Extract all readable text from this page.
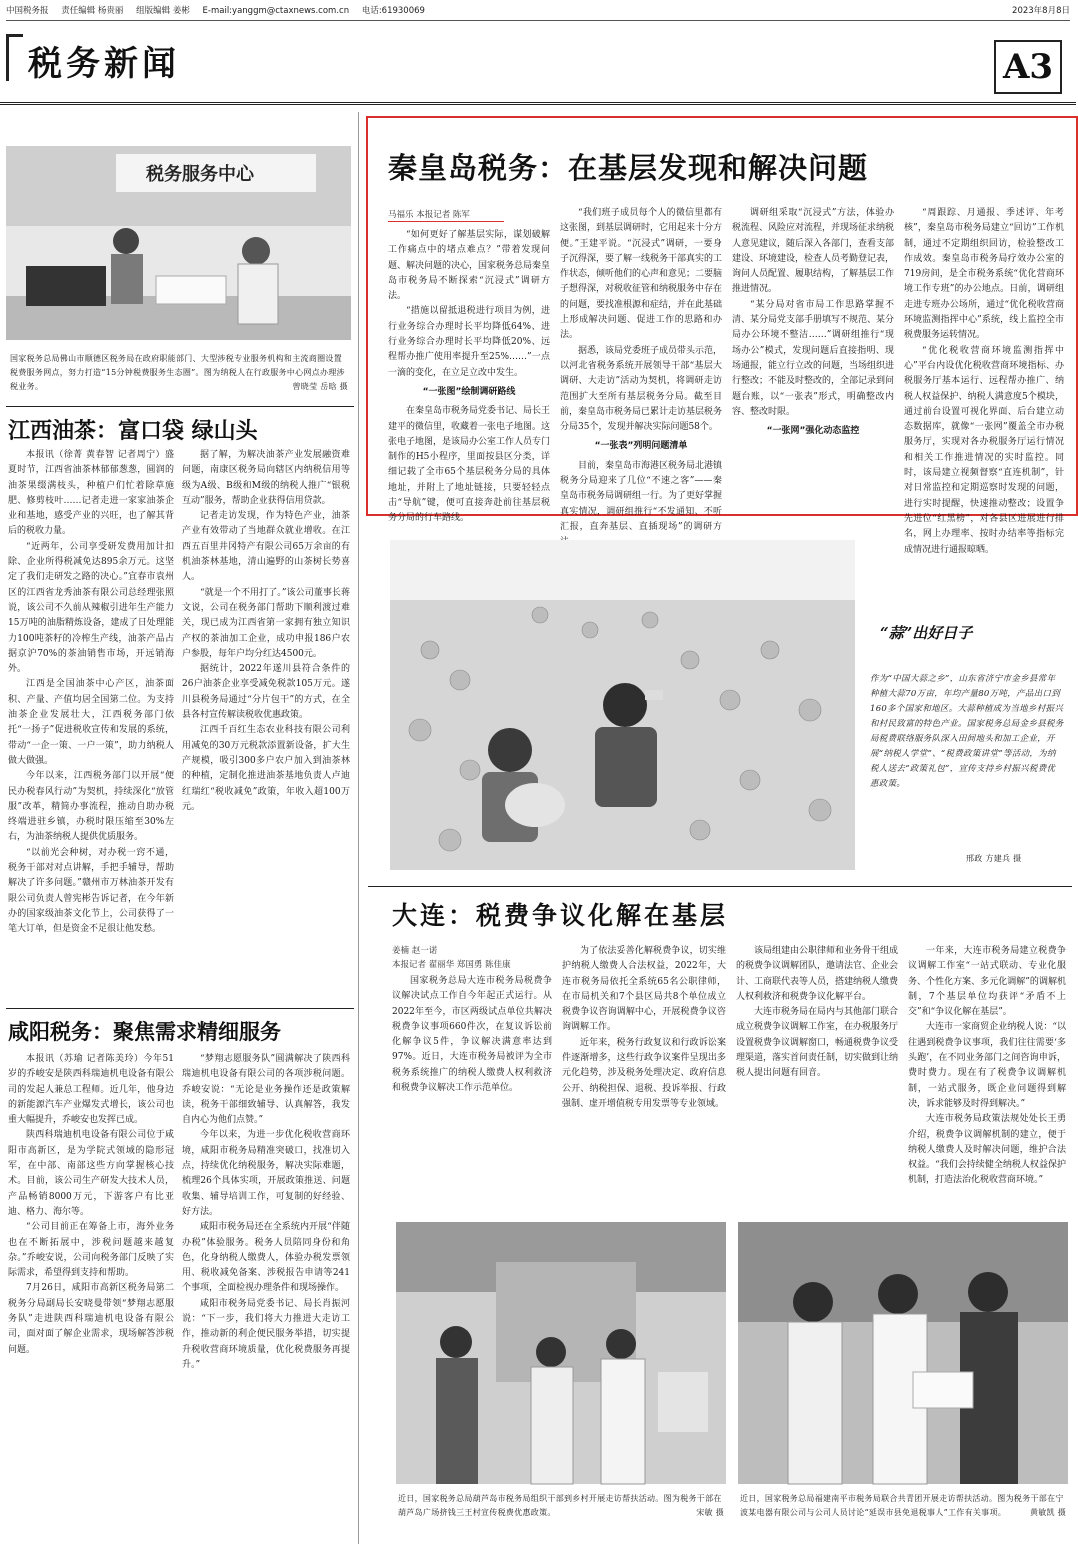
中国税务报 责任编辑 杨贵丽 组版编辑 姜彬 E-mail:yanggm@ctaxnews.com.cn 电话:61930069	2023年8月8日
税务新闻	A3
税务服务中心
国家税务总局佛山市顺德区税务局在政府职能部门、大型涉税专业服务机构和主流商圈设置税费服务网点，努力打造“15分钟税费服务生态圈”。图为纳税人在行政服务中心网点办理涉税业务。	曾晓莹 岳晗 摄
江西油茶：富口袋 绿山头

本报讯（徐菁 黄春智 记者周宁）盛夏时节，江西省油茶林郁郁葱葱，圆润的油茶果缀满枝头，种植户们忙着除草施肥、修剪枝叶……记者走进一家家油茶企业和基地，感受产业的兴旺，也了解其背后的税收力量。

“近两年，公司享受研发费用加计扣除、企业所得税减免达895余万元。这坚定了我们走研发之路的决心。”宜春市袁州区的江西省龙秀油茶有限公司总经理张照说，该公司不久前从辣椒引进年生产能力15万吨的油脂精炼设备，建成了日处理能力100吨茶籽的冷榨生产线，油茶产品占据京沪70%的茶油销售市场，开远销海外。

江西是全国油茶中心产区，油茶面积、产量、产值均居全国第二位。为支持油茶企业发展壮大，江西税务部门依托“一扬子”促进税收宣传和发展的系统，带动“一企一策、一户一策”，助力纳税人做大做强。

今年以来，江西税务部门以开展“便民办税春风行动”为契机，持续深化“放管服”改革，精简办事流程，推动自助办税终端进驻乡镇，办税时限压缩至30%左右，为油茶纳税人提供优质服务。

“以前光会种树，对办税一窍不通，税务干部对对点讲解，手把手辅导，帮助解决了许多问题。”赣州市万林油茶开发有限公司负责人曾宪彬告诉记者，在今年新办的国家级油茶文化节上，公司获得了一笔大订单，但是资金不足很让他发愁。

据了解，为解决油茶产业发展融资难问题，南康区税务局向辖区内纳税信用等级为A级、B级和M级的纳税人推广“银税互动”服务，帮助企业获得信用贷款。

记者走访发现，作为特色产业，油茶产业有效带动了当地群众就业增收。在江西五百里井冈特产有限公司65万余亩的有机油茶林基地，清山遍野的山茶树长势喜人。

“就是一个不用打了。”该公司董事长蒋文说，公司在税务部门帮助下顺利渡过难关，现已成为江西省第一家拥有独立知识产权的茶油加工企业，成功申报186户农户参股，每年户均分红达4500元。

据统计，2022年遂川县符合条件的26户油茶企业享受减免税款105万元。遂川县税务局通过“分片包干”的方式，在全县各村宣传解读税收优惠政策。

江西千百红生态农业科技有限公司利用减免的30万元税款添置新设备，扩大生产规模，吸引300多户农户加入到油茶林的种植，定制化推进油茶基地负责人卢迪红瑞红“税收减免”政策，年收入超100万元。

咸阳税务：聚焦需求精细服务

本报讯（苏瑜 记者陈美玲）今年51岁的乔峻安是陕西科瑞迪机电设备有限公司的发起人兼总工程师。近几年，他身边的新能源汽车产业爆发式增长，该公司也重大幅提升，乔峻安也发挥已成。

陕西科瑞迪机电设备有限公司位于咸阳市高新区，是为学院式领域的隐形冠军，在中部、南部这些方向掌握核心技术。目前，该公司生产研发大技术人员，产品畅销8000万元，下游客户有比亚迪、格力、海尔等。

“公司目前正在筹备上市，海外业务也在不断拓展中，涉税问题越来越复杂。”乔峻安说，公司向税务部门反映了实际需求，希望得到支持和帮助。

7月26日，咸阳市高新区税务局第二税务分局副局长安晓曼带领“梦翔志愿服务队”走进陕西科瑞迪机电设备有限公司，面对面了解企业需求，现场解答涉税问题。

“梦翔志愿服务队”圆满解决了陕西科瑞迪机电设备有限公司的各项涉税问题。乔峻安说：“无论是业务操作还是政策解读，税务干部细致辅导、认真解答，我发自内心为他们点赞。”

今年以来，为进一步优化税收营商环境，咸阳市税务局精准突破口，找准切入点，持续优化纳税服务，解决实际难题，梳理26个具体实项，开展政策推送、问题收集、辅导培训工作，可复制的好经验、好方法。

咸阳市税务局还在全系统内开展“伴随办税”体验服务。税务人员陪同身份和角色，化身纳税人缴费人，体验办税发票领用、税收减免备案、涉税报告申请等241个事项，全面检视办理条件和现场操作。

咸阳市税务局党委书记、局长肖振河说：“下一步，我们将大力推进大走访工作，推动新的利企便民服务举措，切实提升税收营商环境质量，优化税费服务再提升。”

秦皇岛税务：在基层发现和解决问题
马福乐 本报记者 陈军

“如何更好了解基层实际，谋划破解工作痛点中的堵点难点？”带着发现问题、解决问题的决心，国家税务总局秦皇岛市税务局不断探索“沉浸式”调研方法。

“措施以留抵退税进行项目为例，进行业务综合办理时长平均降低64%、进行业务综合办理时长平均降低20%、远程帮办推广使用率提升至25%……”一点一滴的变化，在立足立改中发生。

“一张图”绘制调研路线

在秦皇岛市税务局党委书记、局长王建平的微信里，收藏着一张电子地图。这张电子地图，是该局办公室工作人员专门制作的H5小程序，里面按县区分类，详细记载了全市65个基层税务分局的具体地址，并附上了地址链接，只要轻轻点击“导航”键，便可直接奔赴前往基层税务分局的行车路线。

“我们班子成员每个人的微信里都有这张图，到基层调研时，它用起来十分方便。”王建平说。“沉浸式”调研，一要身子沉得深，要了解一线税务干部真实的工作状态，倾听他们的心声和意见；二要脑子想得深，对税收征管和纳税服务中存在的问题，要找准根源和症结，并在此基础上形成解决问题、促进工作的思路和办法。

据悉，该局党委班子成员带头示范，以河北省税务系统开展领导干部“基层大调研、大走访”活动为契机，将调研走访范围扩大至所有基层税务分局。截至目前，秦皇岛市税务局已累计走访基层税务分局35个，发现并解决实际问题58个。

“一张表”列明问题清单

目前，秦皇岛市海港区税务局北港镇税务分局迎来了几位“不速之客”——秦皇岛市税务局调研组一行。为了更好掌握真实情况，调研组推行“不发通知、不听汇报，直奔基层、直插现场”的调研方

调研组采取“沉浸式”方法，体验办税流程、风险应对流程，并现场征求纳税人意见建议，随后深入各部门，查看支部建设、环境建设，检查人员考勤登记表，询问人员配置、履职结构，了解基层工作推进情况。

“某分局对省市局工作思路掌握不清、某分局党支部手册填写不规范、某分局办公环境不整洁……”调研组推行“现场办公”模式，发现问题后直接指明、现场通报，能立行立改的问题，当场组织进行整改；不能及时整改的，全部记录到问题台账，以“一张表”形式，明确整改内容、整改时限。

“一张网”强化动态监控

“周跟踪、月通报、季述评、年考核”，秦皇岛市税务局建立“回访”工作机制，通过不定期组织回访，检验整改工作成效。秦皇岛市税务局疗效办公室的719房间，是全市税务系统“优化营商环境工作专班”的办公地点。日前，调研组走进专班办公场所，通过“优化税收营商环境监测指挥中心”系统，线上监控全市税费服务运转情况。

“优化税收营商环境监测指挥中心”平台内设优化税收营商环境指标、办税服务厅基本运行、远程帮办推广、纳税人权益保护、纳税人满意度5个模块，通过前台设置可视化界面、后台建立动态数据库，就像“一张网”覆盖全市办税服务厅，实现对各办税服务厅运行情况和相关工作推进情况的实时监控。同时，该局建立视频督察“直连机制”，针对日常监控和定期巡察时发现的问题，进行实时提醒，快速推动整改；设置争先进位“红黑榜”，对各县区进展进行排名，网上办理率、按时办结率等指标完成情况进行通报晾晒。

“蒜”出好日子
作为“中国大蒜之乡”，山东省济宁市金乡县常年种植大蒜70万亩，年均产量80万吨，产品出口到160多个国家和地区。大蒜种植成为当地乡村振兴和村民致富的特色产业。国家税务总局金乡县税务局税费联络服务队深入田间地头和加工企业，开展“纳税人学堂”、“税费政策讲堂”等活动，为纳税人送去“政策礼包”，宣传支持乡村振兴税费优惠政策。
邢政 方建兵 摄
大连：税费争议化解在基层
姜楠 赵一诺
本报记者 翟丽华 郑国勇 陈佳康

国家税务总局大连市税务局税费争议解决试点工作自今年起正式运行。从2022年至今，市区两级试点单位共解决税费争议事项660件次，在复议诉讼前化解争议5件，争议解决满意率达到97%。近日，大连市税务局被评为全市税务系统推广的纳税人缴费人权利救济和税费争议解决工作示范单位。

为了依法妥善化解税费争议，切实维护纳税人缴费人合法权益，2022年，大连市税务局依托全系统65名公职律师，在市局机关和7个县区局共8个单位成立税费争议咨询调解中心，开展税费争议咨询调解工作。

近年来，税务行政复议和行政诉讼案件逐渐增多，这些行政争议案件呈现出多元化趋势，涉及税务处理决定、政府信息公开、纳税担保、退税、投诉举报、行政强制、虚开增值税专用发票等专业领域。

该局组建由公职律师和业务骨干组成的税费争议调解团队，邀请法官、企业会计、工商联代表等人员，搭建纳税人缴费人权利救济和税费争议化解平台。

大连市税务局在局内与其他部门联合成立税费争议调解工作室，在办税服务厅设置税费争议调解窗口，畅通税费争议受理渠道，落实首问责任制，切实做到让纳税人提出问题有回音。

一年来，大连市税务局建立税费争议调解工作室“一站式联动、专业化服务、个性化方案、多元化调解”的调解机制，7个基层单位均获评“矛盾不上交”和“争议化解在基层”。

大连市一家商贸企业纳税人说：“以往遇到税费争议事项，我们往往需要‘多头跑’，在不同业务部门之间咨询申诉，费时费力。现在有了税费争议调解机制，一站式服务，既企业问题得到解决，诉求能够及时得到解决。”

大连市税务局政策法规处处长王勇介绍，税费争议调解机制的建立，便于纳税人缴费人及时解决问题，维护合法权益。“我们会持续健全纳税人权益保护机制，打造法治化税收营商环境。”

近日，国家税务总局葫芦岛市税务局组织干部到乡村开展走访帮扶活动。图为税务干部在葫芦岛广场挤钱三王村宣传税费优惠政策。	宋敏 摄
近日，国家税务总局福建南平市税务局联合共青团开展走访帮扶活动。图为税务干部在宁波某电器有限公司与公司人员讨论“延误市县免退税事人”工作有关事项。	黄敏凯 摄
